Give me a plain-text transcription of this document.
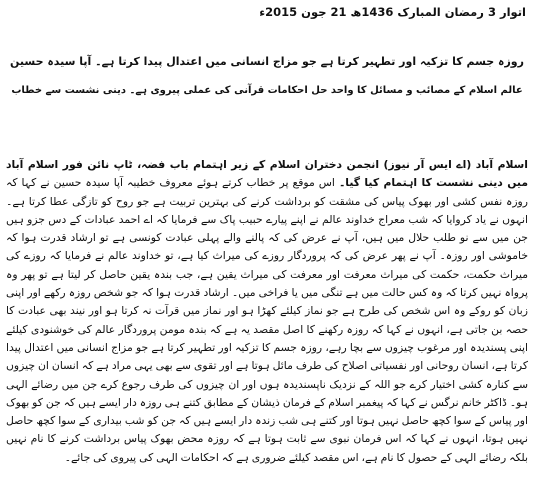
اتوار 3 رمضان المبارک 1436ھ 21 جون 2015ء
روزہ جسم کا تزکیہ اور تطہیر کرتا ہے جو مزاج انسانی میں اعتدال پیدا کرتا ہے۔ آپا سیدہ حسین
عالم اسلام کے مصائب و مسائل کا واحد حل احکامات قرآنی کی عملی پیروی ہے۔ دینی نشست سے خطاب
اسلام آباد (اے ایس آر نیوز) انجمن دختران اسلام کے زیر اہتمام باب فضہ، ٹاپ نائن فور اسلام آباد میں دینی نشست کا اہتمام کیا گیا۔ اس موقع پر خطاب کرتے ہوئے معروف خطیبہ آپا سیدہ حسین نے کہا کہ روزہ نفس کشی اور بھوک پیاس کی مشقت کو برداشت کرنے کی بہترین تربیت ہے جو روح کو تازگی عطا کرتا ہے۔ انہوں نے یاد کروایا کہ شب معراج خداوند عالم نے اپنے پیارے حبیب پاک سے فرمایا کہ اے احمد عبادات کے دس جزو ہیں جن میں سے نو طلب حلال میں ہیں، آپ نے عرض کی کہ پالنے والے پہلی عبادت کونسی ہے تو ارشاد قدرت ہوا کہ خاموشی اور روزہ۔ آپ نے پھر عرض کی کہ پروردگار روزے کی میراث کیا ہے، تو خداوند عالم نے فرمایا کہ روزے کی میراث حکمت، حکمت کی میراث معرفت اور معرفت کی میراث یقین ہے، جب بندہ یقین حاصل کر لیتا ہے تو پھر وہ پرواہ نہیں کرتا کہ وہ کس حالت میں ہے تنگی میں یا فراخی میں۔ ارشاد قدرت ہوا کہ جو شخص روزہ رکھے اور اپنی زبان کو روکے وہ اس شخص کی طرح ہے جو نماز کیلئے کھڑا ہو اور نماز میں قرآت نہ کرتا ہو اور نیند بھی عبادت کا حصہ بن جاتی ہے، انہوں نے کہا کہ روزہ رکھنے کا اصل مقصد یہ ہے کہ بندہ مومن پروردگار عالم کی خوشنودی کیلئے اپنی پسندیدہ اور مرغوب چیزوں سے بچا رہے، روزہ جسم کا تزکیہ اور تطہیر کرتا ہے جو مزاج انسانی میں اعتدال پیدا کرتا ہے، انسان روحانی اور نفسیاتی اصلاح کی طرف مائل ہوتا ہے اور تقوی سے بھی یہی مراد ہے کہ انسان ان چیزوں سے کنارہ کشی اختیار کرے جو اللہ کے نزدیک ناپسندیدہ ہوں اور ان چیزوں کی طرف رجوع کرے جن میں رضائے الہی ہو۔ ڈاکٹر خانم نرگس نے کہا کہ پیغمبر اسلام کے فرمان ذیشان کے مطابق کتنے ہی روزہ دار ایسے ہیں کہ جن کو بھوک اور پیاس کے سوا کچھ حاصل نہیں ہوتا اور کتنے ہی شب زندہ دار ایسے ہیں کہ جن کو شب بیداری کے سوا کچھ حاصل نہیں ہوتا، انہوں نے کہا کہ اس فرمان نبوی سے ثابت ہوتا ہے کہ روزہ محض بھوک پیاس برداشت کرنے کا نام نہیں بلکہ رضائے الہی کے حصول کا نام ہے، اس مقصد کیلئے ضروری ہے کہ احکامات الہی کی پیروی کی جائے۔
